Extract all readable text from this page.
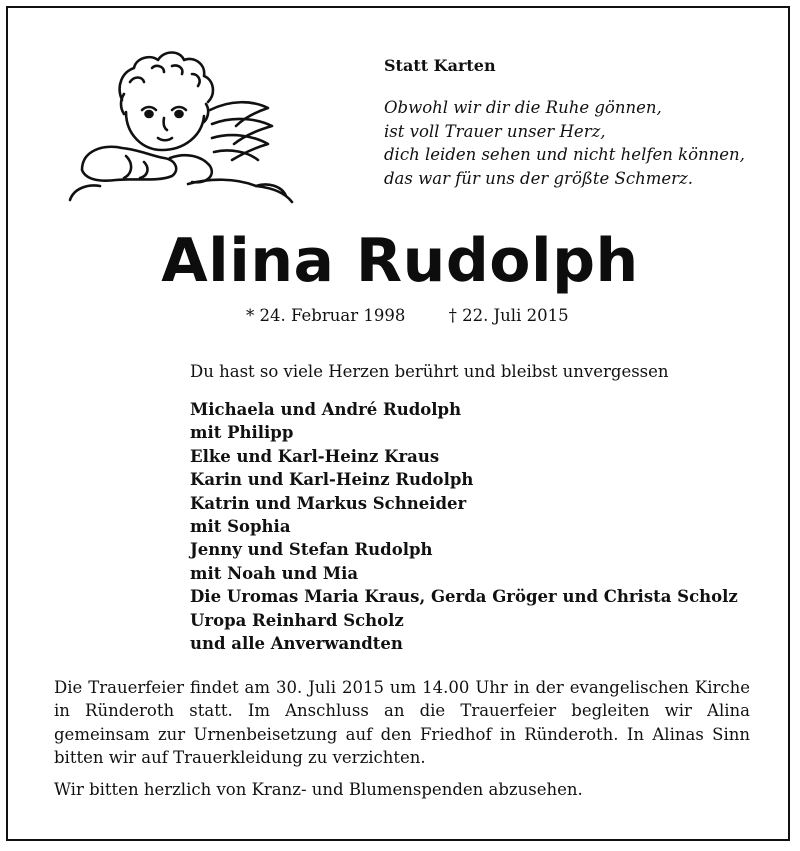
Statt Karten
Obwohl wir dir die Ruhe gönnen,
ist voll Trauer unser Herz,
dich leiden sehen und nicht helfen können,
das war für uns der größte Schmerz.
Alina Rudolph
* 24. Februar 1998	† 22. Juli 2015
Du hast so viele Herzen berührt und bleibst unvergessen
Michaela und André Rudolph
mit Philipp
Elke und Karl-Heinz Kraus
Karin und Karl-Heinz Rudolph
Katrin und Markus Schneider
mit Sophia
Jenny und Stefan Rudolph
mit Noah und Mia
Die Uromas Maria Kraus, Gerda Gröger und Christa Scholz
Uropa Reinhard Scholz
und alle Anverwandten

Die Trauerfeier findet am 30. Juli 2015 um 14.00 Uhr in der evangelischen Kirche in Ründeroth statt. Im Anschluss an die Trauerfeier begleiten wir Alina gemeinsam zur Urnenbeisetzung auf den Friedhof in Ründeroth. In Alinas Sinn bitten wir auf Trauerkleidung zu verzichten.

Wir bitten herzlich von Kranz- und Blumenspenden abzusehen.
